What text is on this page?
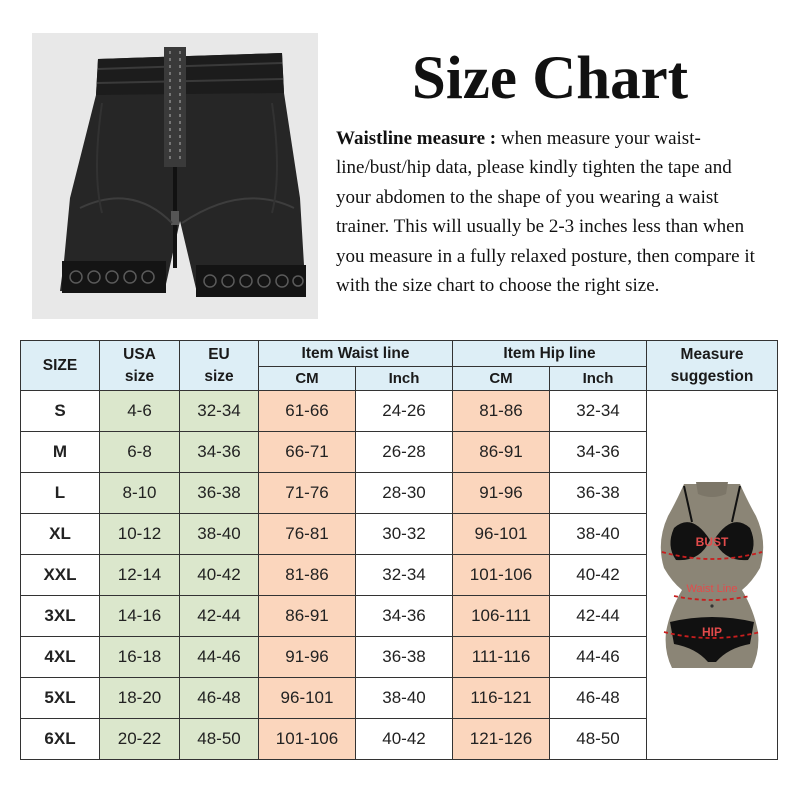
Size Chart
Waistline measure : when measure your waist-line/bust/hip data, please kindly tighten the tape and your abdomen to the shape of you wearing a waist trainer. This will usually be 2-3 inches less than when you measure in a fully relaxed posture, then compare it with the size chart to choose the right size.
SIZE	USA size	EU size	Item Waist line		Item Hip line		Measure suggestion
			CM	Inch	CM	Inch	
S	4-6	32-34	61-66	24-26	81-86	32-34	BUST
Waist Line
HIP

M	6-8	34-36	66-71	26-28	86-91	34-36	
L	8-10	36-38	71-76	28-30	91-96	36-38	
XL	10-12	38-40	76-81	30-32	96-101	38-40	
XXL	12-14	40-42	81-86	32-34	101-106	40-42	
3XL	14-16	42-44	86-91	34-36	106-111	42-44	
4XL	16-18	44-46	91-96	36-38	111-116	44-46	
5XL	18-20	46-48	96-101	38-40	116-121	46-48	
6XL	20-22	48-50	101-106	40-42	121-126	48-50	
